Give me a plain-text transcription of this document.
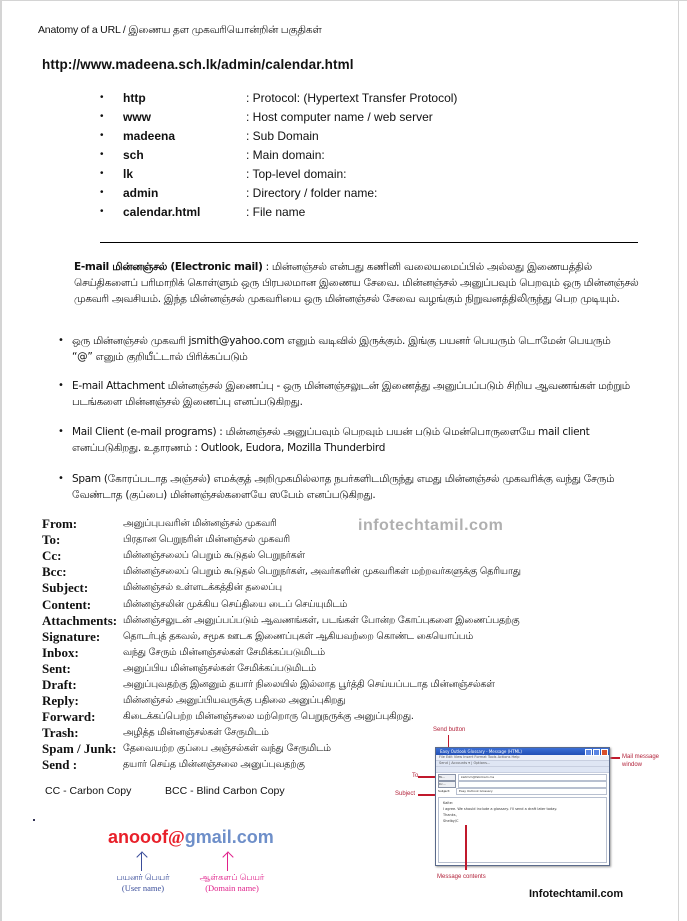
Anatomy of a URL / இணைய தள முகவரியொன்றின் பகுதிகள்
http://www.madeena.sch.lk/admin/calendar.html
•	http	: Protocol: (Hypertext Transfer Protocol)
•	www	: Host computer name / web server
•	madeena	: Sub Domain
•	sch	: Main domain:
•	lk	: Top-level domain:
•	admin	: Directory / folder name:
•	calendar.html	: File name
E-mail மின்னஞ்சல் (Electronic mail) : மின்னஞ்சல் என்பது கணினி வலையமைப்பில் அல்லது இணையத்தில் செய்திகளைப் பரிமாறிக் கொள்ளும் ஒரு பிரபலமான இணைய சேவை. மின்னஞ்சல் அனுப்பவும் பெறவும் ஒரு மின்னஞ்சல் முகவரி அவசியம். இந்த மின்னஞ்சல் முகவரியை ஒரு மின்னஞ்சல் சேவை வழங்கும் நிறுவனத்திலிருந்து பெற முடியும்.
• ஒரு மின்னஞ்சல் முகவரி jsmith@yahoo.com எனும் வடிவில் இருக்கும். இங்கு பயனர் பெயரும் டொமேன் பெயரும் “@” எனும் குறியீட்டால் பிரிக்கப்படும்
• E-mail Attachment மின்னஞ்சல் இணைப்பு - ஒரு மின்னஞ்சலுடன் இணைத்து அனுப்பப்படும் சிறிய ஆவணங்கள் மற்றும் படங்களை மின்னஞ்சல் இணைப்பு எனப்படுகிறது.
• Mail Client (e-mail programs) : மின்னஞ்சல் அனுப்பவும் பெறவும் பயன் படும் மென்பொருளையே mail client எனப்படுகிறது. உதாரணம் : Outlook, Eudora, Mozilla Thunderbird
• Spam (கோரப்படாத அஞ்சல்) எமக்குத் அறிமுகமில்லாத நபர்களிடமிருந்து எமது மின்னஞ்சல் முகவரிக்கு வந்து சேரும் வேண்டாத (குப்பை) மின்னஞ்சல்களையே ஸபேம் எனப்படுகிறது.
From:	அனுப்புபவரின் மின்னஞ்சல் முகவரி
To:	பிரதான பெறுநரின் மின்னஞ்சல் முகவரி
Cc:	மின்னஞ்சலைப் பெறும் கூடுதல் பெறுநர்கள்
Bcc:	மின்னஞ்சலைப் பெறும் கூடுதல் பெறுநர்கள், அவர்களின் முகவரிகள் மற்றவர்களுக்கு தெரியாது
Subject:	மின்னஞ்சல் உள்ளடக்கத்தின் தலைப்பு
Content:	மின்னஞ்சலின் முக்கிய செய்தியை டைப் செய்யுமிடம்
Attachments: மின்னஞ்சலுடன் அனுப்பப்படும் ஆவணங்கள், படங்கள் போன்ற கோப்புகளை இணைப்பதற்கு
Signature:	தொடர்புத் தகவல், சமூக ஊடக இணைப்புகள் ஆகியவற்றை கொண்ட கையொப்பம்
Inbox:	வந்து சேரும் மின்னஞ்சல்கள் சேமிக்கப்படுமிடம்
Sent:	அனுப்பிய மின்னஞ்சல்கள் சேமிக்கப்படுமிடம்
Draft:	அனுப்புவதற்கு இனனும் தயார் நிலையில் இல்லாத பூர்த்தி செய்யப்படாத மின்னஞ்சல்கள்
Reply:	மின்னஞ்சல் அனுப்பியவருக்கு பதிலை அனுப்புகிறது
Forward:	கிடைக்கப்பெற்ற மின்னஞ்சலை மற்றொரு பெறுநருக்கு அனுப்புகிறது.
Trash:	அழித்த மின்னஞ்சல்கள் சேருமிடம்
Spam / Junk: தேவையற்ற குப்பை அஞ்சல்கள் வந்து சேருமிடம்
Send :	தயார் செய்த மின்னஞ்சலை அனுப்புவதற்கு
infotechtamil.com
CC - Carbon Copy	BCC - Blind Carbon Copy
anooof@gmail.com
பயனர் பெயர்
(User name)
ஆள்களப் பெயர்
(Domain name)	Infotechtamil.com
Send button
Mail message
window
To
Subject
Easy Outlook Glossary - Message (HTML)
File Edit View Insert Format Tools Actions Help
Send | Accounts ▾ | Options...
To...	kaitmm@fabrikam.ms
Cc...
Subject:	Easy Outlook Glossary
Kaite:
I agree. We should include a glossary. I'll send a draft later today.
Thanks,
Shelby/C
Message contents
